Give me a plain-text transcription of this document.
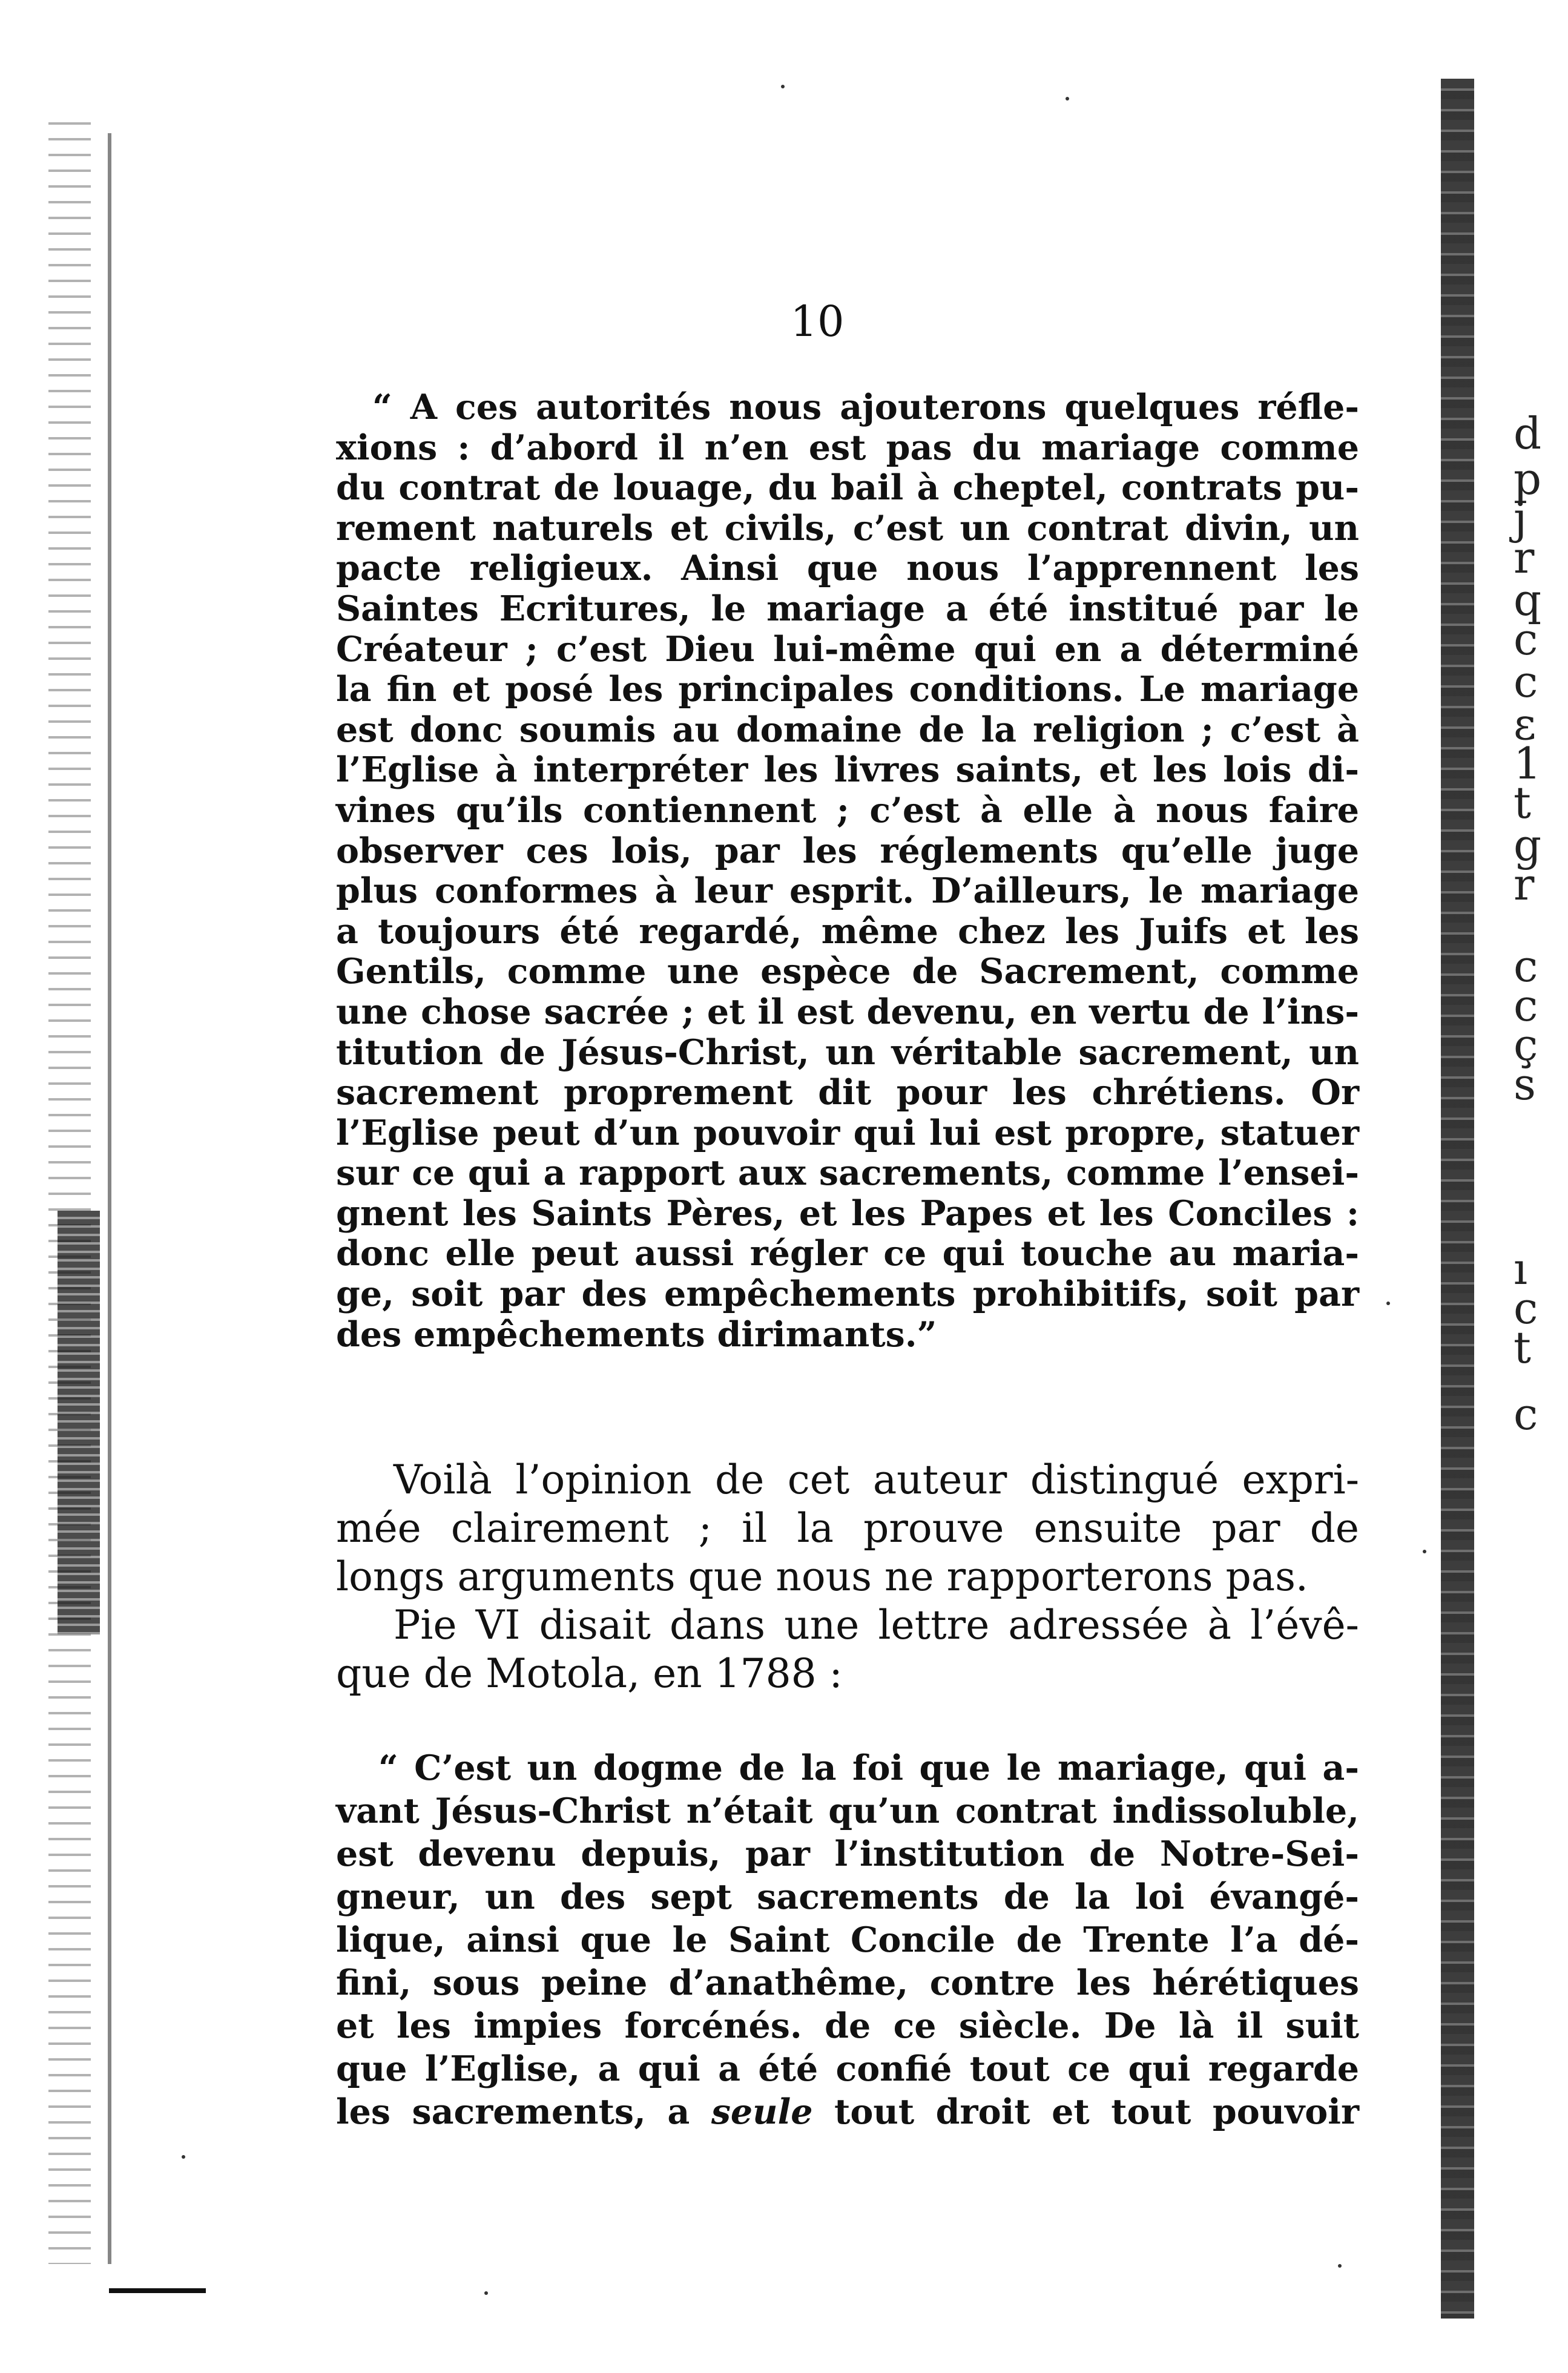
d
p
j
r
q
c
c
ɛ
1
t
g
r
c
c
ç
s
ı
c
t
c

10

“ A ces autorités nous ajouterons quelques réfle-
xions : d’abord il n’en est pas du mariage comme
du contrat de louage, du bail à cheptel, contrats pu-
rement naturels et civils, c’est un contrat divin, un
pacte religieux. Ainsi que nous l’apprennent les
Saintes Ecritures, le mariage a été institué par le
Créateur ; c’est Dieu lui-même qui en a déterminé
la fin et posé les principales conditions. Le mariage
est donc soumis au domaine de la religion ; c’est à
l’Eglise à interpréter les livres saints, et les lois di-
vines qu’ils contiennent ; c’est à elle à nous faire
observer ces lois, par les réglements qu’elle juge
plus conformes à leur esprit. D’ailleurs, le mariage
a toujours été regardé, même chez les Juifs et les
Gentils, comme une espèce de Sacrement, comme
une chose sacrée ; et il est devenu, en vertu de l’ins-
titution de Jésus-Christ, un véritable sacrement, un
sacrement proprement dit pour les chrétiens. Or
l’Eglise peut d’un pouvoir qui lui est propre, statuer
sur ce qui a rapport aux sacrements, comme l’ensei-
gnent les Saints Pères, et les Papes et les Conciles :
donc elle peut aussi régler ce qui touche au maria-
ge, soit par des empêchements prohibitifs, soit par
des empêchements dirimants.”
Voilà l’opinion de cet auteur distingué expri-
mée clairement ; il la prouve ensuite par de
longs arguments que nous ne rapporterons pas.
Pie VI disait dans une lettre adressée à l’évê-
que de Motola, en 1788 :
“ C’est un dogme de la foi que le mariage, qui a-
vant Jésus-Christ n’était qu’un contrat indissoluble,
est devenu depuis, par l’institution de Notre-Sei-
gneur, un des sept sacrements de la loi évangé-
lique, ainsi que le Saint Concile de Trente l’a dé-
fini, sous peine d’anathême, contre les hérétiques
et les impies forcénés. de ce siècle. De là il suit
que l’Eglise, a qui a été confié tout ce qui regarde
les sacrements, a seule tout droit et tout pouvoir
